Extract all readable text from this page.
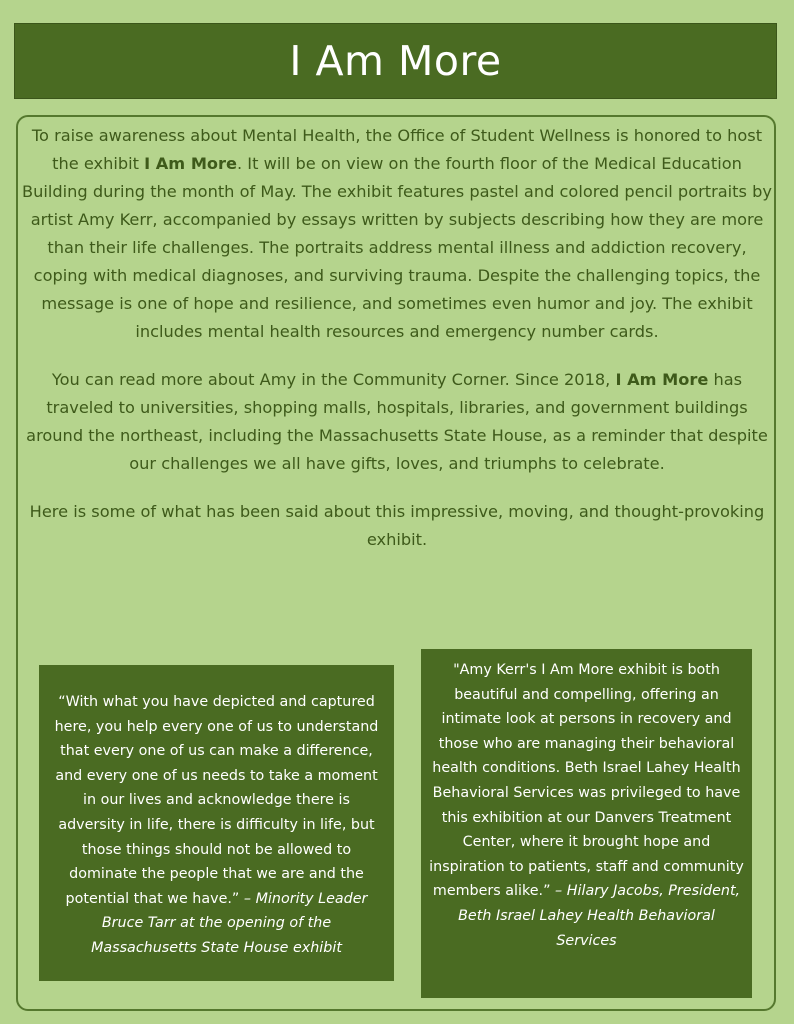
I Am More

To raise awareness about Mental Health, the Office of Student Wellness is honored to host the exhibit I Am More. It will be on view on the fourth floor of the Medical Education Building during the month of May. The exhibit features pastel and colored pencil portraits by artist Amy Kerr, accompanied by essays written by subjects describing how they are more than their life challenges. The portraits address mental illness and addiction recovery, coping with medical diagnoses, and surviving trauma. Despite the challenging topics, the message is one of hope and resilience, and sometimes even humor and joy. The exhibit includes mental health resources and emergency number cards.

You can read more about Amy in the Community Corner. Since 2018, I Am More has traveled to universities, shopping malls, hospitals, libraries, and government buildings around the northeast, including the Massachusetts State House, as a reminder that despite our challenges we all have gifts, loves, and triumphs to celebrate.

Here is some of what has been said about this impressive, moving, and thought-provoking exhibit.

“With what you have depicted and captured here, you help every one of us to understand that every one of us can make a difference, and every one of us needs to take a moment in our lives and acknowledge there is adversity in life, there is difficulty in life, but those things should not be allowed to dominate the people that we are and the potential that we have.” – Minority Leader Bruce Tarr at the opening of the Massachusetts State House exhibit
"Amy Kerr's I Am More exhibit is both beautiful and compelling, offering an intimate look at persons in recovery and those who are managing their behavioral health conditions. Beth Israel Lahey Health Behavioral Services was privileged to have this exhibition at our Danvers Treatment Center, where it brought hope and inspiration to patients, staff and community members alike.” – Hilary Jacobs, President, Beth Israel Lahey Health Behavioral Services
